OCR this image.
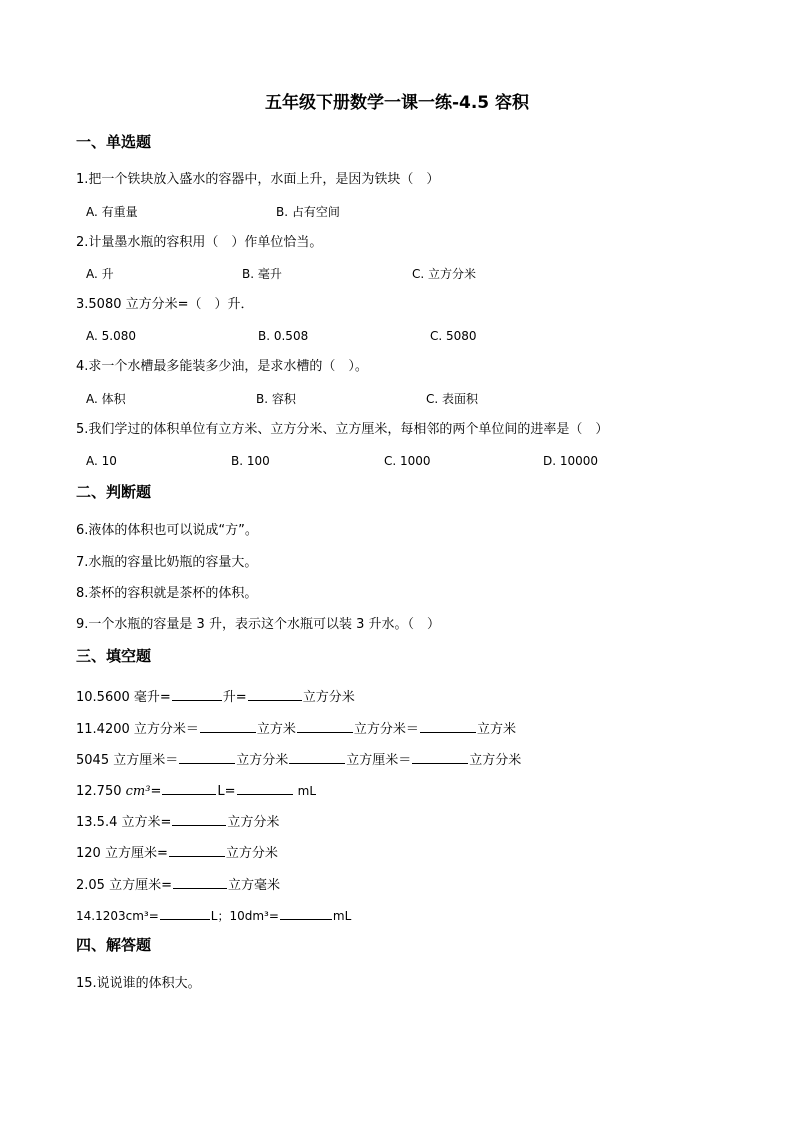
五年级下册数学一课一练-4.5 容积
一、单选题
1.把一个铁块放入盛水的容器中，水面上升，是因为铁块（　）
A. 有重量	B. 占有空间
2.计量墨水瓶的容积用（　）作单位恰当。
A. 升	B. 毫升	C. 立方分米
3.5080 立方分米=（　）升．
A. 5.080	B. 0.508	C. 5080
4.求一个水槽最多能装多少油，是求水槽的（　）。
A. 体积	B. 容积	C. 表面积
5.我们学过的体积单位有立方米、立方分米、立方厘米，每相邻的两个单位间的进率是（　）
A. 10	B. 100	C. 1000	D. 10000
二、判断题
6.液体的体积也可以说成“方”。
7.水瓶的容量比奶瓶的容量大。
8.茶杯的容积就是茶杯的体积。
9.一个水瓶的容量是 3 升，表示这个水瓶可以装 3 升水。（　）
三、填空题
10.5600 毫升=	升=	立方分米
11.4200 立方分米＝	立方米	立方分米＝	立方米
5045 立方厘米＝	立方分米	立方厘米＝	立方分米
12.750 cm³=	L=	mL
13.5.4 立方米=	立方分米
120 立方厘米=	立方分米
2.05 立方厘米=	立方毫米
14.1203cm³=	L；10dm³=	mL
四、解答题
15.说说谁的体积大。
